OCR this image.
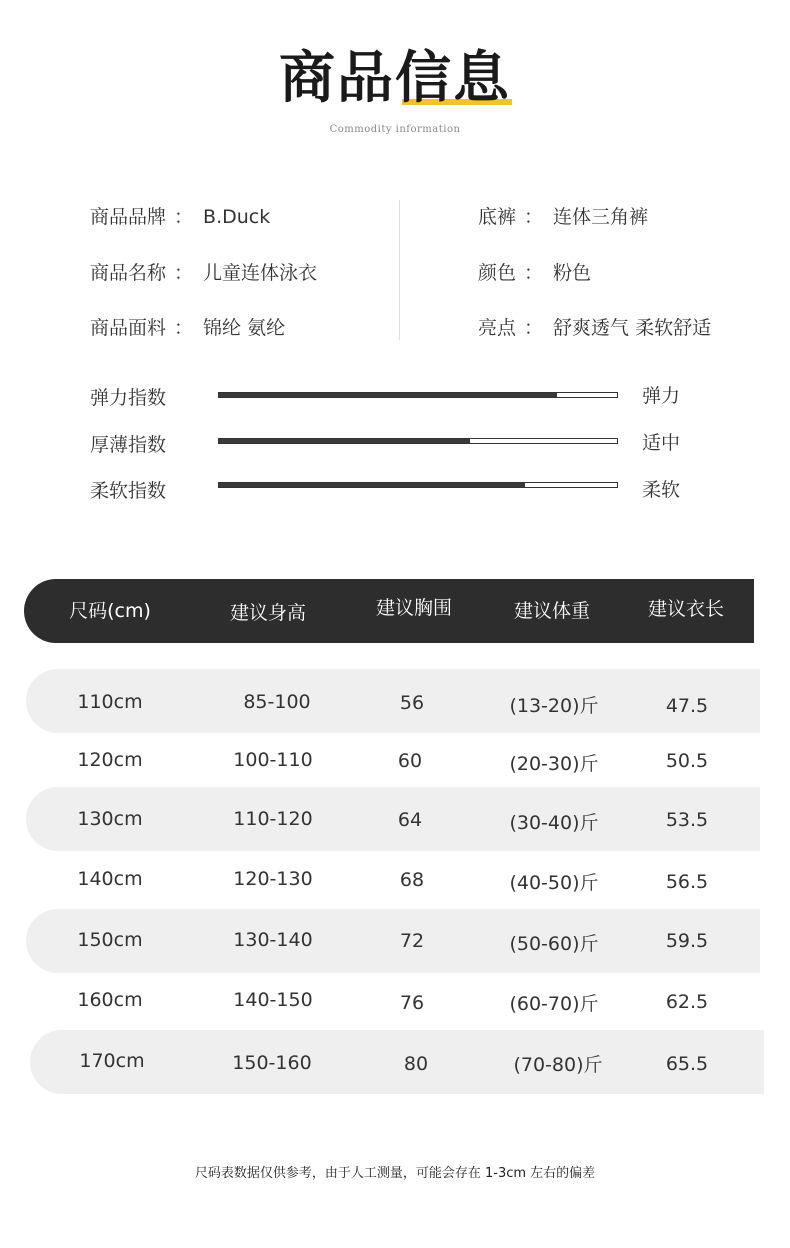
商品信息
Commodity information
商品品牌 ： B.Duck
商品名称 ： 儿童连体泳衣
商品面料 ： 锦纶 氨纶
底裤 ： 连体三角裤
颜色 ： 粉色
亮点 ： 舒爽透气 柔软舒适
弹力指数	弹力
厚薄指数	适中
柔软指数	柔软
尺码(cm)	建议身高	建议胸围	建议体重	建议衣长
110cm	85-100	56	(13-20)斤	47.5
120cm	100-110	60	(20-30)斤	50.5
130cm	110-120	64	(30-40)斤	53.5
140cm	120-130	68	(40-50)斤	56.5
150cm	130-140	72	(50-60)斤	59.5
160cm	140-150	76	(60-70)斤	62.5
170cm	150-160	80	(70-80)斤	65.5
尺码表数据仅供参考，由于人工测量，可能会存在 1-3cm 左右的偏差
